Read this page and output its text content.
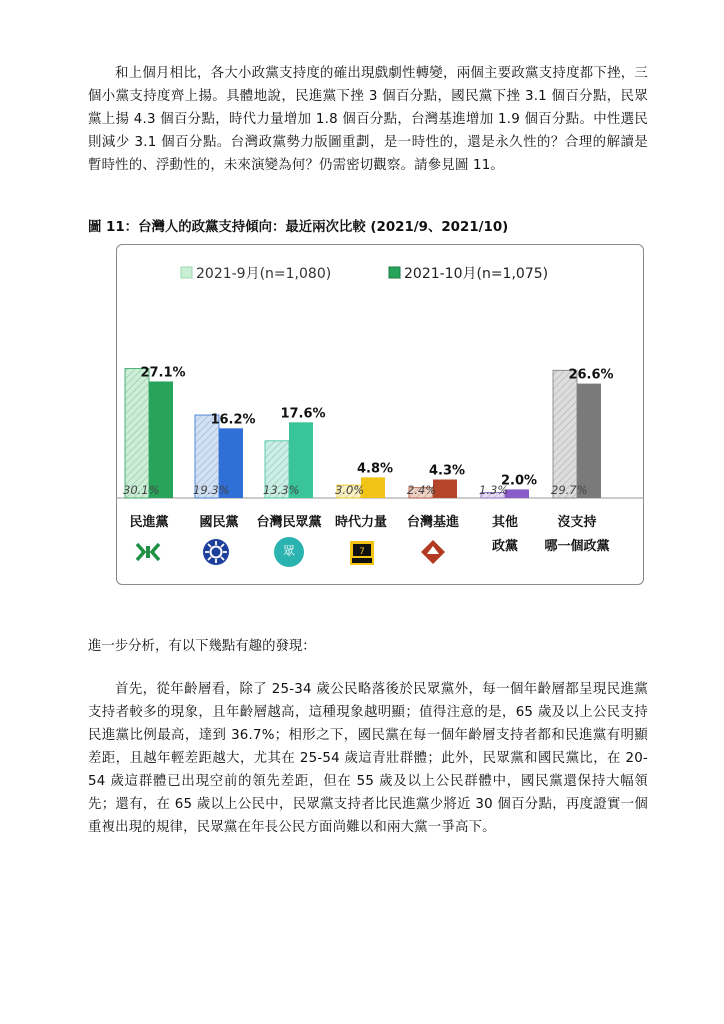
和上個月相比，各大小政黨支持度的確出現戲劇性轉變，兩個主要政黨支持度都下挫，三個小黨支持度齊上揚。具體地說，民進黨下挫 3 個百分點，國民黨下挫 3.1 個百分點，民眾黨上揚 4.3 個百分點，時代力量增加 1.8 個百分點，台灣基進增加 1.9 個百分點。中性選民則減少 3.1 個百分點。台灣政黨勢力版圖重劃，是一時性的，還是永久性的？合理的解讀是暫時性的、浮動性的，未來演變為何？仍需密切觀察。請參見圖 11。

圖 11：台灣人的政黨支持傾向：最近兩次比較 (2021/9、2021/10)
2021-9月(n=1,080)	2021-10月(n=1,075)
30.1%
27.1%
19.3%
16.2%
13.3%
17.6%
3.0%
4.8%
2.4%
4.3%
1.3%
2.0%
29.7%
26.6%
民進黨 國民黨 台灣民眾黨 時代力量 台灣基進	其他
政黨
沒支持
哪一個政黨
眾	7
進一步分析，有以下幾點有趣的發現：

首先，從年齡層看，除了 25-34 歲公民略落後於民眾黨外，每一個年齡層都呈現民進黨支持者較多的現象，且年齡層越高，這種現象越明顯；值得注意的是，65 歲及以上公民支持民進黨比例最高，達到 36.7%；相形之下，國民黨在每一個年齡層支持者都和民進黨有明顯差距，且越年輕差距越大，尤其在 25-54 歲這青壯群體；此外，民眾黨和國民黨比，在 20-54 歲這群體已出現空前的領先差距，但在 55 歲及以上公民群體中，國民黨還保持大幅領先；還有，在 65 歲以上公民中，民眾黨支持者比民進黨少將近 30 個百分點，再度證實一個重複出現的規律，民眾黨在年長公民方面尚難以和兩大黨一爭高下。
